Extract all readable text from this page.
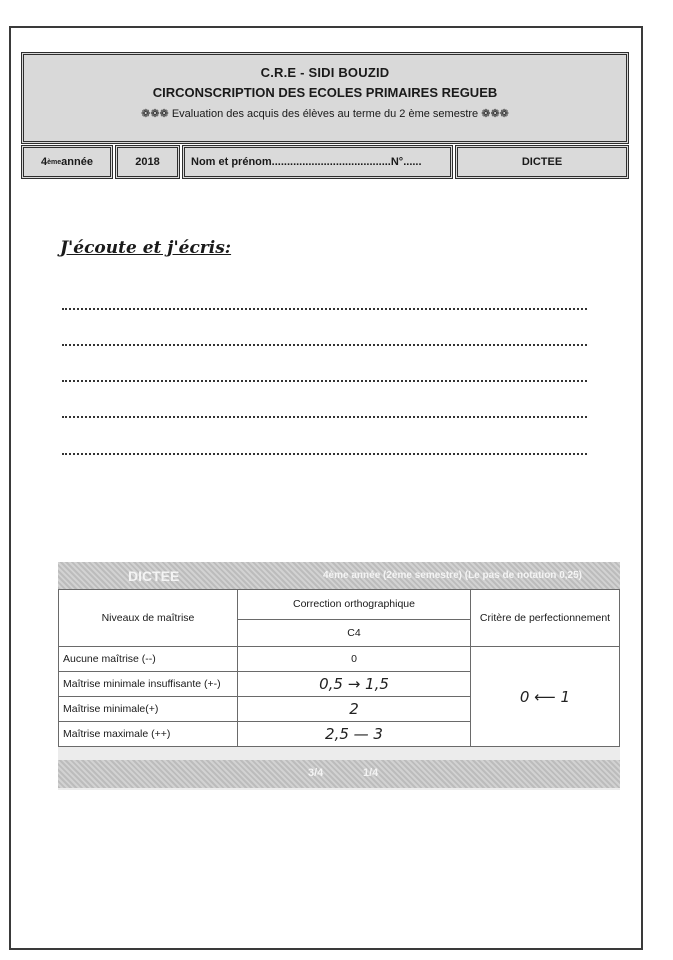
C.R.E - SIDI BOUZID
CIRCONSCRIPTION DES ECOLES PRIMAIRES REGUEB
❁❁❁ Evaluation des acquis des élèves au terme du 2 ème semestre ❁❁❁
4 ème année	2018	Nom et prénom.......................................N°......	DICTEE
J'écoute et j'écris:
DICTEE	4ème année (2ème semestre) (Le pas de notation 0,25)
Niveaux de maîtrise	Correction orthographique	Critère de perfectionnement
	C4	
Aucune maîtrise (--)	0	0 ⟵ 1
Maîtrise minimale insuffisante (+-)	0,5 → 1,5	
Maîtrise minimale(+)	2	
Maîtrise maximale (++)	2,5 — 3	
3/4	1/4
